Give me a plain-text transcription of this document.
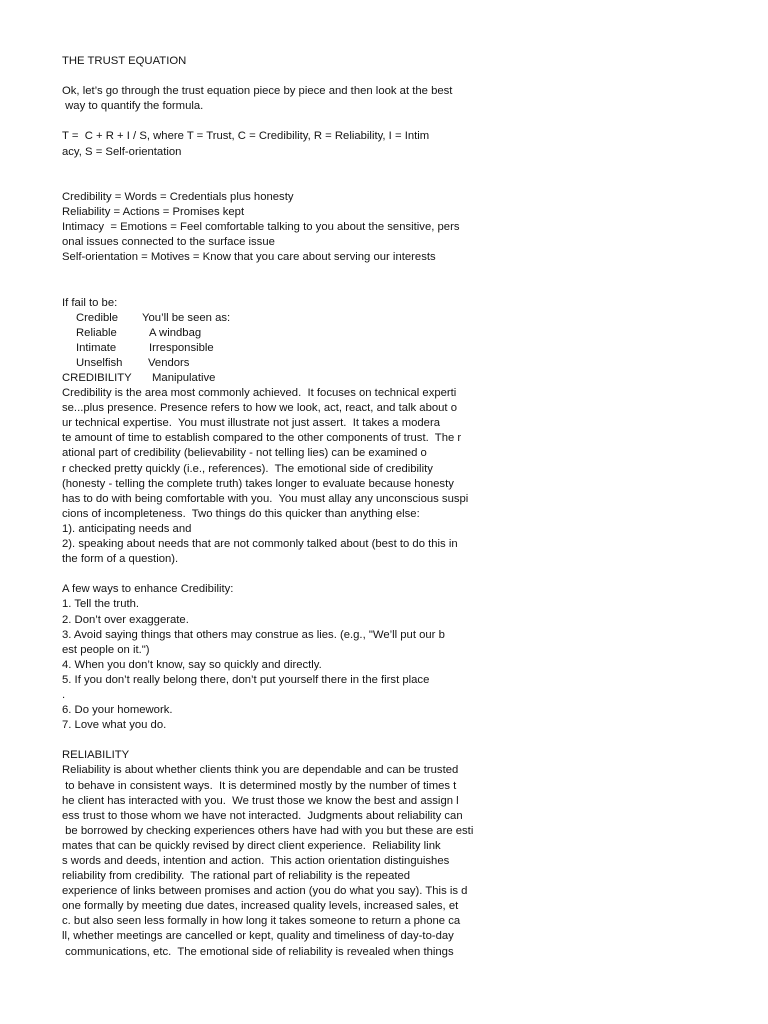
THE TRUST EQUATION
Ok, let’s go through the trust equation piece by piece and then look at the best
way to quantify the formula.
T =  C + R + I / S, where T = Trust, C = Credibility, R = Reliability, I = Intim
acy, S = Self-orientation
Credibility = Words = Credentials plus honesty
Reliability = Actions = Promises kept
Intimacy  = Emotions = Feel comfortable talking to you about the sensitive, pers
onal issues connected to the surface issue
Self-orientation = Motives = Know that you care about serving our interests

If fail to be:

You’ll be seen as:

Credible

A windbag

Reliable

Irresponsible

Intimate

Vendors

Unselfish

Manipulative

CREDIBILITY
Credibility is the area most commonly achieved.  It focuses on technical experti
se...plus presence. Presence refers to how we look, act, react, and talk about o
ur technical expertise.  You must illustrate not just assert.  It takes a modera
te amount of time to establish compared to the other components of trust.  The r
ational part of credibility (believability - not telling lies) can be examined o
r checked pretty quickly (i.e., references).  The emotional side of credibility
(honesty - telling the complete truth) takes longer to evaluate because honesty
has to do with being comfortable with you.  You must allay any unconscious suspi
cions of incompleteness.  Two things do this quicker than anything else:
1). anticipating needs and
2). speaking about needs that are not commonly talked about (best to do this in
the form of a question).
A few ways to enhance Credibility:
1. Tell the truth.
2. Don’t over exaggerate.
3. Avoid saying things that others may construe as lies. (e.g., "We’ll put our b
est people on it.")
4. When you don’t know, say so quickly and directly.
5. If you don’t really belong there, don’t put yourself there in the first place
.
6. Do your homework.
7. Love what you do.
RELIABILITY
Reliability is about whether clients think you are dependable and can be trusted
to behave in consistent ways.  It is determined mostly by the number of times t
he client has interacted with you.  We trust those we know the best and assign l
ess trust to those whom we have not interacted.  Judgments about reliability can
be borrowed by checking experiences others have had with you but these are esti
mates that can be quickly revised by direct client experience.  Reliability link
s words and deeds, intention and action.  This action orientation distinguishes
reliability from credibility.  The rational part of reliability is the repeated
experience of links between promises and action (you do what you say). This is d
one formally by meeting due dates, increased quality levels, increased sales, et
c. but also seen less formally in how long it takes someone to return a phone ca
ll, whether meetings are cancelled or kept, quality and timeliness of day-to-day
communications, etc.  The emotional side of reliability is revealed when things
